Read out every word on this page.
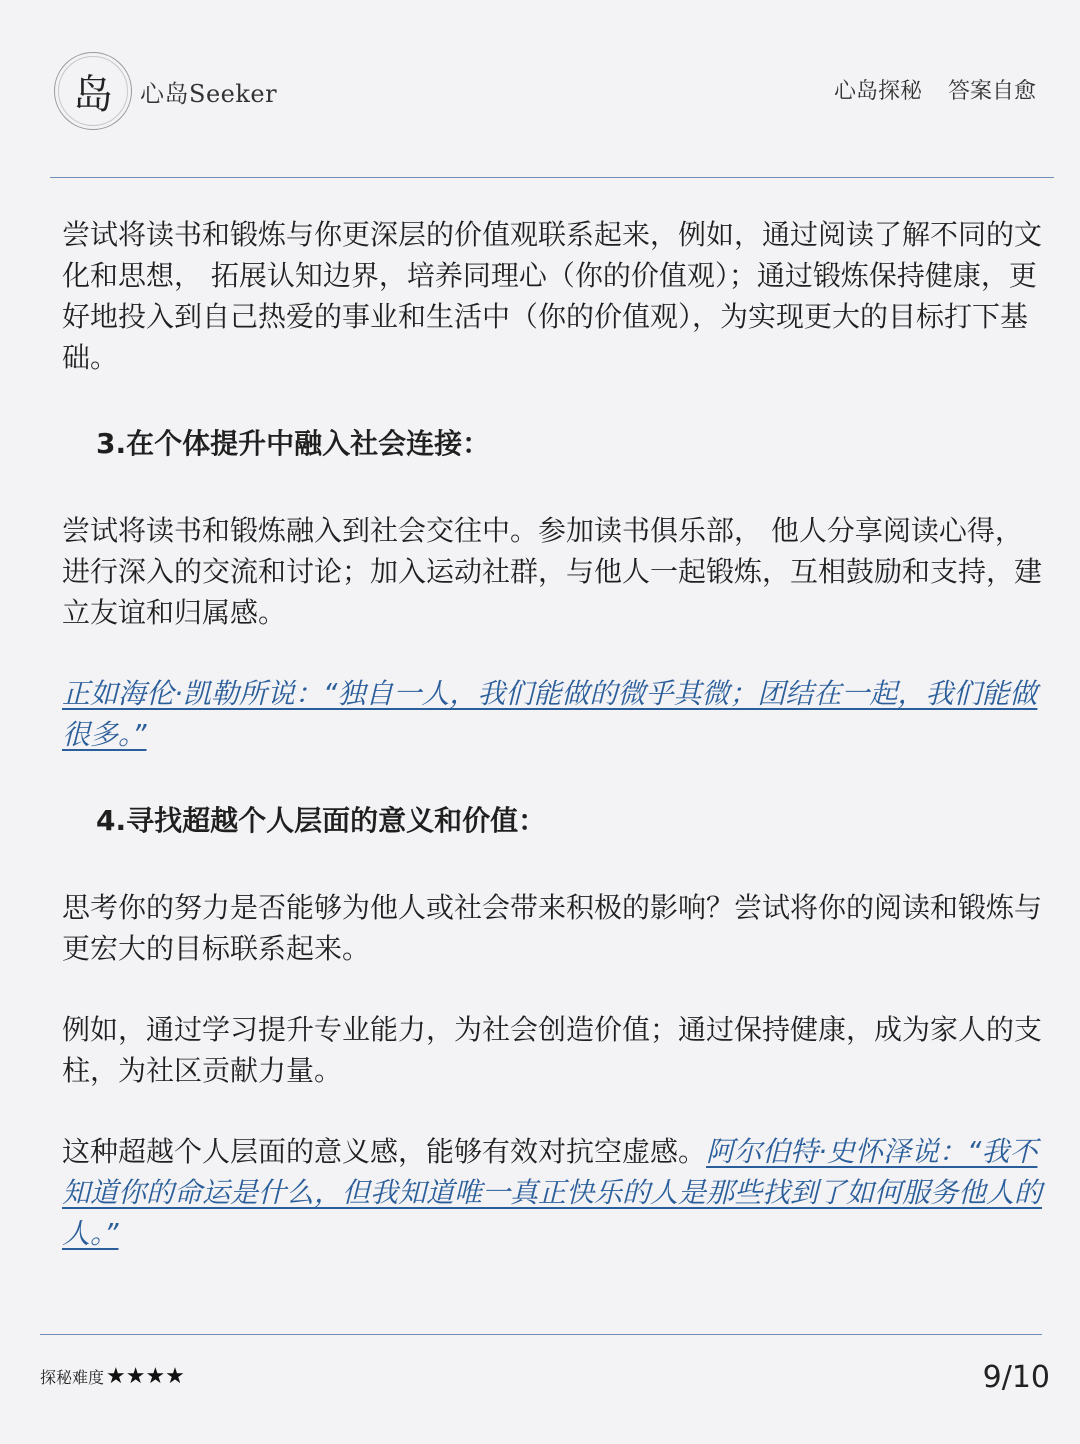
岛 心岛Seeker	心岛探秘 答案自愈

尝试将读书和锻炼与你更深层的价值观联系起来，例如，通过阅读了解不同的文化和思想， 拓展认知边界，培养同理心（你的价值观）；通过锻炼保持健康，更好地投入到自己热爱的事业和生活中（你的价值观），为实现更大的目标打下基础。

3.在个体提升中融入社会连接：

尝试将读书和锻炼融入到社会交往中。参加读书俱乐部， 他人分享阅读心得，进行深入的交流和讨论；加入运动社群，与他人一起锻炼，互相鼓励和支持，建立友谊和归属感。

正如海伦·凯勒所说：“独自一人，我们能做的微乎其微；团结在一起，我们能做很多。”

4.寻找超越个人层面的意义和价值：

思考你的努力是否能够为他人或社会带来积极的影响？尝试将你的阅读和锻炼与更宏大的目标联系起来。

例如，通过学习提升专业能力，为社会创造价值；通过保持健康，成为家人的支柱，为社区贡献力量。

这种超越个人层面的意义感，能够有效对抗空虚感。阿尔伯特·史怀泽说：“我不知道你的命运是什么，但我知道唯一真正快乐的人是那些找到了如何服务他人的人。”

探秘难度 ★★★★	9/10
